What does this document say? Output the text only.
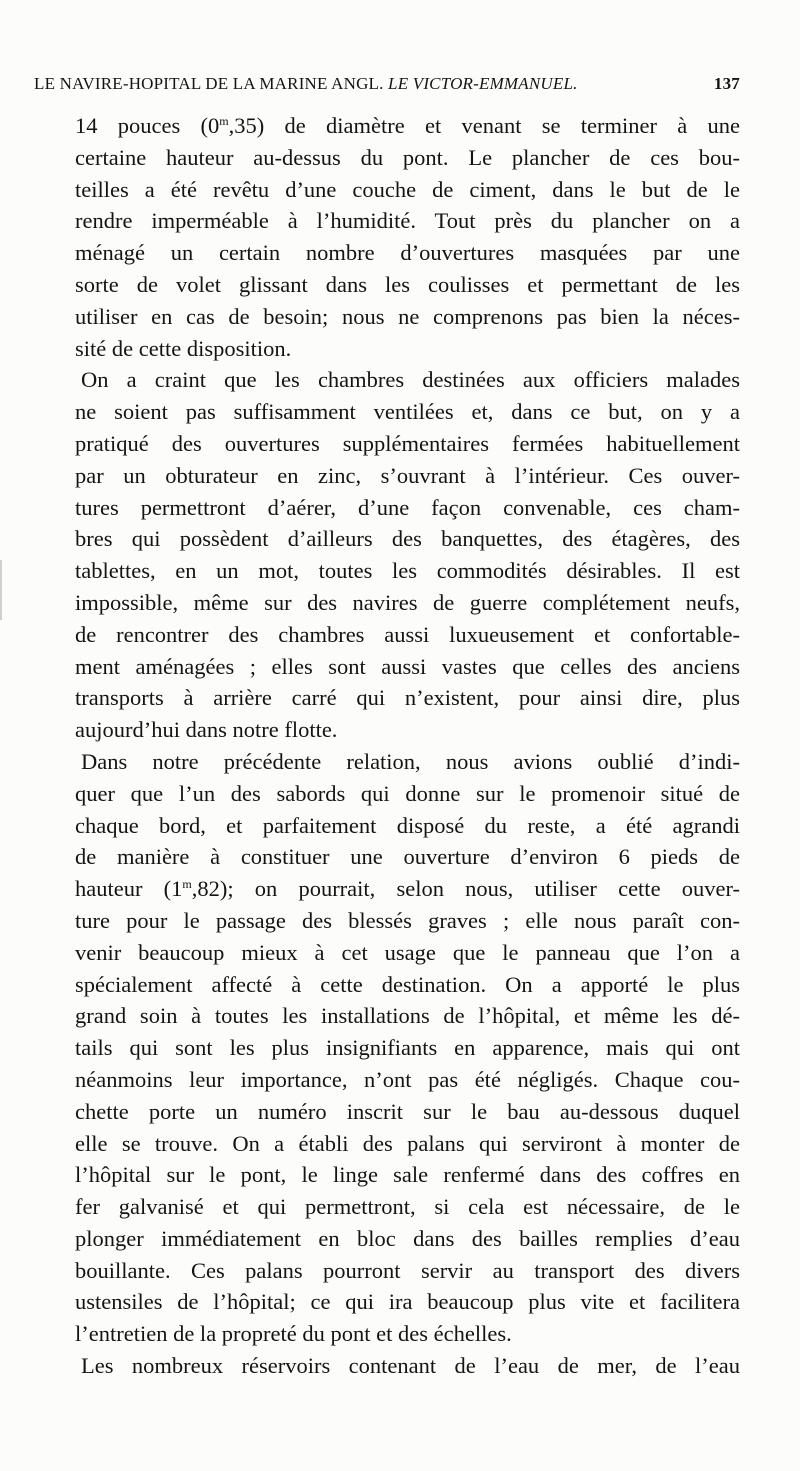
LE NAVIRE-HOPITAL DE LA MARINE ANGL. LE VICTOR-EMMANUEL.	137
14 pouces (0$^m$,35) de diamètre et venant se terminer à une
certaine hauteur au-dessus du pont. Le plancher de ces bou-
teilles a été revêtu d’une couche de ciment, dans le but de le
rendre imperméable à l’humidité. Tout près du plancher on a
ménagé un certain nombre d’ouvertures masquées par une
sorte de volet glissant dans les coulisses et permettant de les
utiliser en cas de besoin; nous ne comprenons pas bien la néces-
sité de cette disposition.
On a craint que les chambres destinées aux officiers malades
ne soient pas suffisamment ventilées et, dans ce but, on y a
pratiqué des ouvertures supplémentaires fermées habituellement
par un obturateur en zinc, s’ouvrant à l’intérieur. Ces ouver-
tures permettront d’aérer, d’une façon convenable, ces cham-
bres qui possèdent d’ailleurs des banquettes, des étagères, des
tablettes, en un mot, toutes les commodités désirables. Il est
impossible, même sur des navires de guerre complétement neufs,
de rencontrer des chambres aussi luxueusement et confortable-
ment aménagées ; elles sont aussi vastes que celles des anciens
transports à arrière carré qui n’existent, pour ainsi dire, plus
aujourd’hui dans notre flotte.
Dans notre précédente relation, nous avions oublié d’indi-
quer que l’un des sabords qui donne sur le promenoir situé de
chaque bord, et parfaitement disposé du reste, a été agrandi
de manière à constituer une ouverture d’environ 6 pieds de
hauteur (1$^m$,82); on pourrait, selon nous, utiliser cette ouver-
ture pour le passage des blessés graves ; elle nous paraît con-
venir beaucoup mieux à cet usage que le panneau que l’on a
spécialement affecté à cette destination. On a apporté le plus
grand soin à toutes les installations de l’hôpital, et même les dé-
tails qui sont les plus insignifiants en apparence, mais qui ont
néanmoins leur importance, n’ont pas été négligés. Chaque cou-
chette porte un numéro inscrit sur le bau au-dessous duquel
elle se trouve. On a établi des palans qui serviront à monter de
l’hôpital sur le pont, le linge sale renfermé dans des coffres en
fer galvanisé et qui permettront, si cela est nécessaire, de le
plonger immédiatement en bloc dans des bailles remplies d’eau
bouillante. Ces palans pourront servir au transport des divers
ustensiles de l’hôpital; ce qui ira beaucoup plus vite et facilitera
l’entretien de la propreté du pont et des échelles.
Les nombreux réservoirs contenant de l’eau de mer, de l’eau
